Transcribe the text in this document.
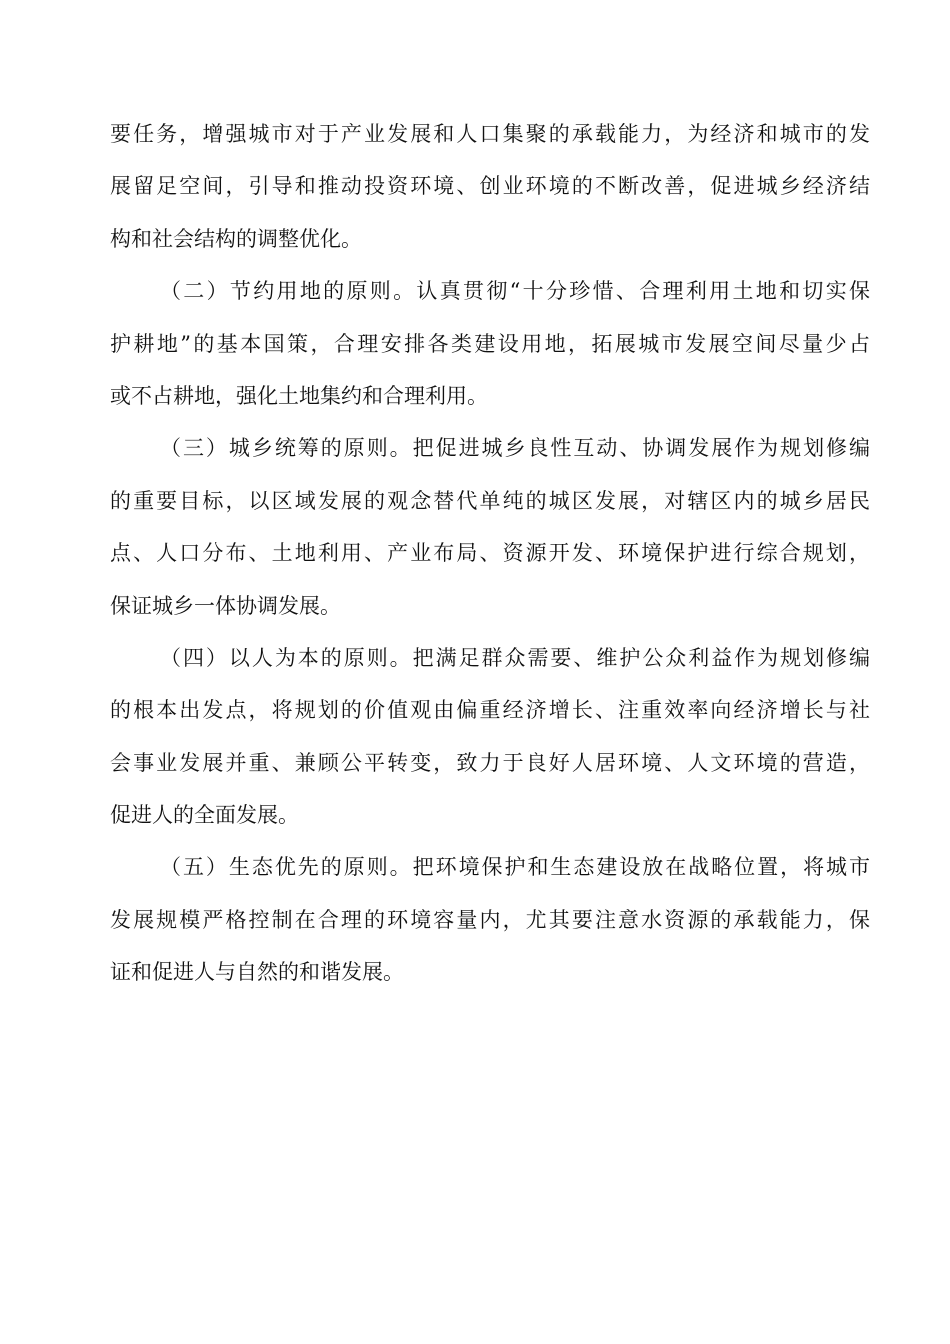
要任务，增强城市对于产业发展和人口集聚的承载能力，为经济和城市的发
展留足空间，引导和推动投资环境、创业环境的不断改善，促进城乡经济结
构和社会结构的调整优化。
（二）节约用地的原则。认真贯彻“十分珍惜、合理利用土地和切实保
护耕地”的基本国策，合理安排各类建设用地，拓展城市发展空间尽量少占
或不占耕地，强化土地集约和合理利用。
（三）城乡统筹的原则。把促进城乡良性互动、协调发展作为规划修编
的重要目标，以区域发展的观念替代单纯的城区发展，对辖区内的城乡居民
点、人口分布、土地利用、产业布局、资源开发、环境保护进行综合规划，
保证城乡一体协调发展。
（四）以人为本的原则。把满足群众需要、维护公众利益作为规划修编
的根本出发点，将规划的价值观由偏重经济增长、注重效率向经济增长与社
会事业发展并重、兼顾公平转变，致力于良好人居环境、人文环境的营造，
促进人的全面发展。
（五）生态优先的原则。把环境保护和生态建设放在战略位置，将城市
发展规模严格控制在合理的环境容量内，尤其要注意水资源的承载能力，保
证和促进人与自然的和谐发展。
